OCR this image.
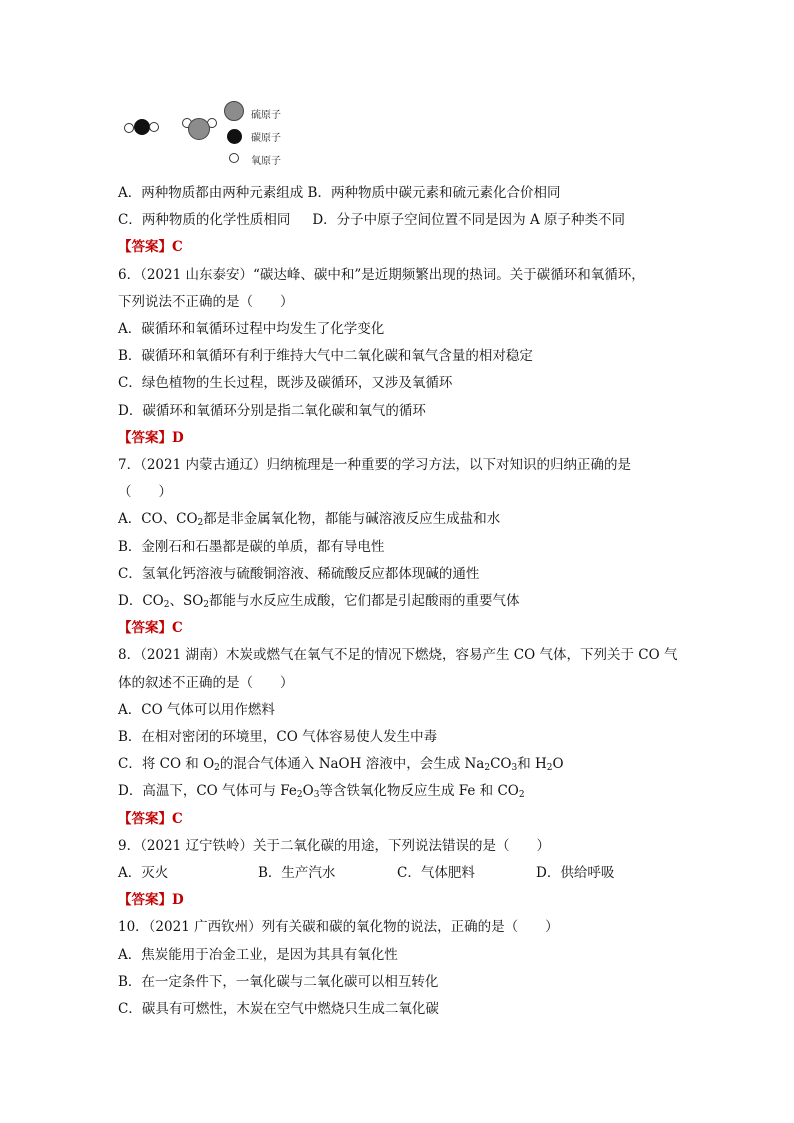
硫原子
碳原子
氧原子
A．两种物质都由两种元素组成 B．两种物质中碳元素和硫元素化合价相同
C．两种物质的化学性质相同 D．分子中原子空间位置不同是因为 A 原子种类不同
【答案】C
6．（2021 山东泰安）“碳达峰、碳中和”是近期频繁出现的热词。关于碳循环和氧循环，
下列说法不正确的是（　　）
A．碳循环和氧循环过程中均发生了化学变化
B．碳循环和氧循环有利于维持大气中二氧化碳和氧气含量的相对稳定
C．绿色植物的生长过程，既涉及碳循环，又涉及氧循环
D．碳循环和氧循环分别是指二氧化碳和氧气的循环
【答案】D
7．（2021 内蒙古通辽）归纳梳理是一种重要的学习方法，以下对知识的归纳正确的是
（　　）
A．CO、$CO_2$都是非金属氧化物，都能与碱溶液反应生成盐和水
B．金刚石和石墨都是碳的单质，都有导电性
C．氢氧化钙溶液与硫酸铜溶液、稀硫酸反应都体现碱的通性
D．$CO_2$、$SO_2$都能与水反应生成酸，它们都是引起酸雨的重要气体
【答案】C
8．（2021 湖南）木炭或燃气在氧气不足的情况下燃烧，容易产生 CO 气体，下列关于 CO 气
体的叙述不正确的是（　　）
A．CO 气体可以用作燃料
B．在相对密闭的环境里，CO 气体容易使人发生中毒
C．将 CO 和 $O_2$的混合气体通入 NaOH 溶液中，会生成 $Na_2CO_3$和 $H_2O$
D．高温下，CO 气体可与 $Fe_2O_3$等含铁氧化物反应生成 Fe 和 $CO_2$
【答案】C
9．（2021 辽宁铁岭）关于二氧化碳的用途，下列说法错误的是（　　）
A．灭火	B．生产汽水	C．气体肥料	D．供给呼吸
【答案】D
10．（2021 广西钦州）列有关碳和碳的氧化物的说法，正确的是（　　）
A．焦炭能用于冶金工业，是因为其具有氧化性
B．在一定条件下，一氧化碳与二氧化碳可以相互转化
C．碳具有可燃性，木炭在空气中燃烧只生成二氧化碳
